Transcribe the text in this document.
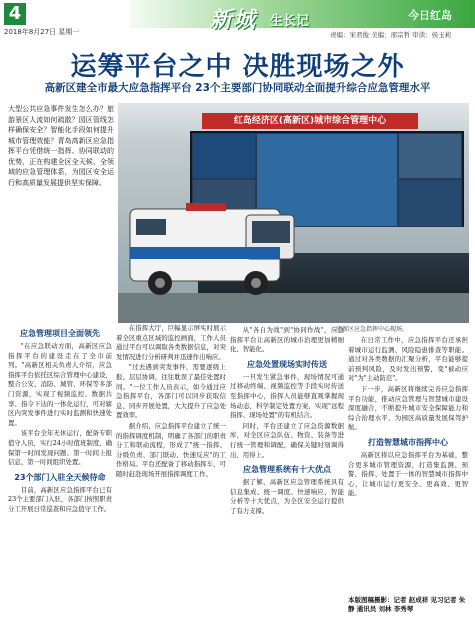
4
2018年8月27日 星期一	新城 生长记	今日红岛
责编：宋君俊 美编：邢宗哲 审读：侯玉莉
运筹平台之中 决胜现场之外
高新区建全市最大应急指挥平台 23个主要部门协同联动全面提升综合应急管理水平
大型公共应急事件发生怎么办？旅游景区人流如何疏散？园区管线怎样确保安全？智能化手段如何提升城市管理效能？青岛高新区应急指挥平台凭借统一指挥、协同联动的优势，正在构建全区全天候、全领域的应急管理体系，为园区安全运行和高质量发展提供坚实保障。
红岛经济区(高新区)城市综合管理中心
高新区应急指挥中心现场。

应急管理项目全面领先

"在应急联动方面，高新区应急指挥平台的建设走在了全市前列。"高新区相关负责人介绍，应急指挥平台依托区综合管理中心建设，整合公安、消防、城管、环保等多部门资源，实现了视频监控、数据共享、指令下达的一体化运行，可对辖区内突发事件进行实时监测和快速处置。

该平台全年无休运行，配备专职值守人员，实行24小时值班制度，确保第一时间发现问题、第一时间上报信息、第一时间组织处置。

23个部门入驻全天候待命

目前，高新区应急指挥平台已有23个主要部门入驻，各部门按照职责分工开展日常巡查和应急值守工作。

在指挥大厅，巨幅显示屏实时展示着全区重点区域的监控画面，工作人员通过平台可以调取各类数据信息，对突发情况进行分析研判并迅速作出响应。

"过去遇到突发事件，需要逐级上报、层层协调，往往耽误了最佳处置时间。"一位工作人员表示，如今通过应急指挥平台，各部门可以同步获取信息、同步开展处置，大大提升了应急处置效率。

据介绍，应急指挥平台建立了统一的指挥调度机制，明确了各部门的职责分工和联动流程，形成了"统一指挥、分级负责、部门联动、快速反应"的工作格局。平台还配备了移动指挥车，可随时赶赴现场开展指挥调度工作。

从"各自为战"到"协同作战"，应急指挥平台让高新区的城市治理更加精细化、智能化。

应急处置现场实时传送

一旦发生紧急事件，现场情况可通过移动终端、视频监控等手段实时传送至指挥中心，指挥人员能够直观掌握现场动态，科学制定处置方案，实现"远程指挥、现场处置"的有机结合。

同时，平台还建立了应急资源数据库，对全区应急队伍、物资、装备等进行统一管理和调配，确保关键时刻调得出、用得上。

应急管理系统有十大优点

据了解，高新区应急管理系统具有信息集成、统一调度、快速响应、智能分析等十大优点，为全区安全运行提供了有力支撑。

在日常工作中，应急指挥平台还承担着城市运行监测、风险隐患排查等职能。通过对各类数据的汇聚分析，平台能够提前预判风险，及时发出预警，变"被动应对"为"主动防范"。

下一步，高新区将继续完善应急指挥平台功能，推动应急管理与智慧城市建设深度融合，不断提升城市安全保障能力和综合治理水平，为园区高质量发展保驾护航。

打造智慧城市指挥中心

高新区将以应急指挥平台为基础，整合更多城市管理资源，打造集监测、预警、指挥、处置于一体的智慧城市指挥中心，让城市运行更安全、更高效、更智能。

本版图稿摄影：记者 赵成祥 见习记者 朱静 通讯员 刘林 李秀琴
